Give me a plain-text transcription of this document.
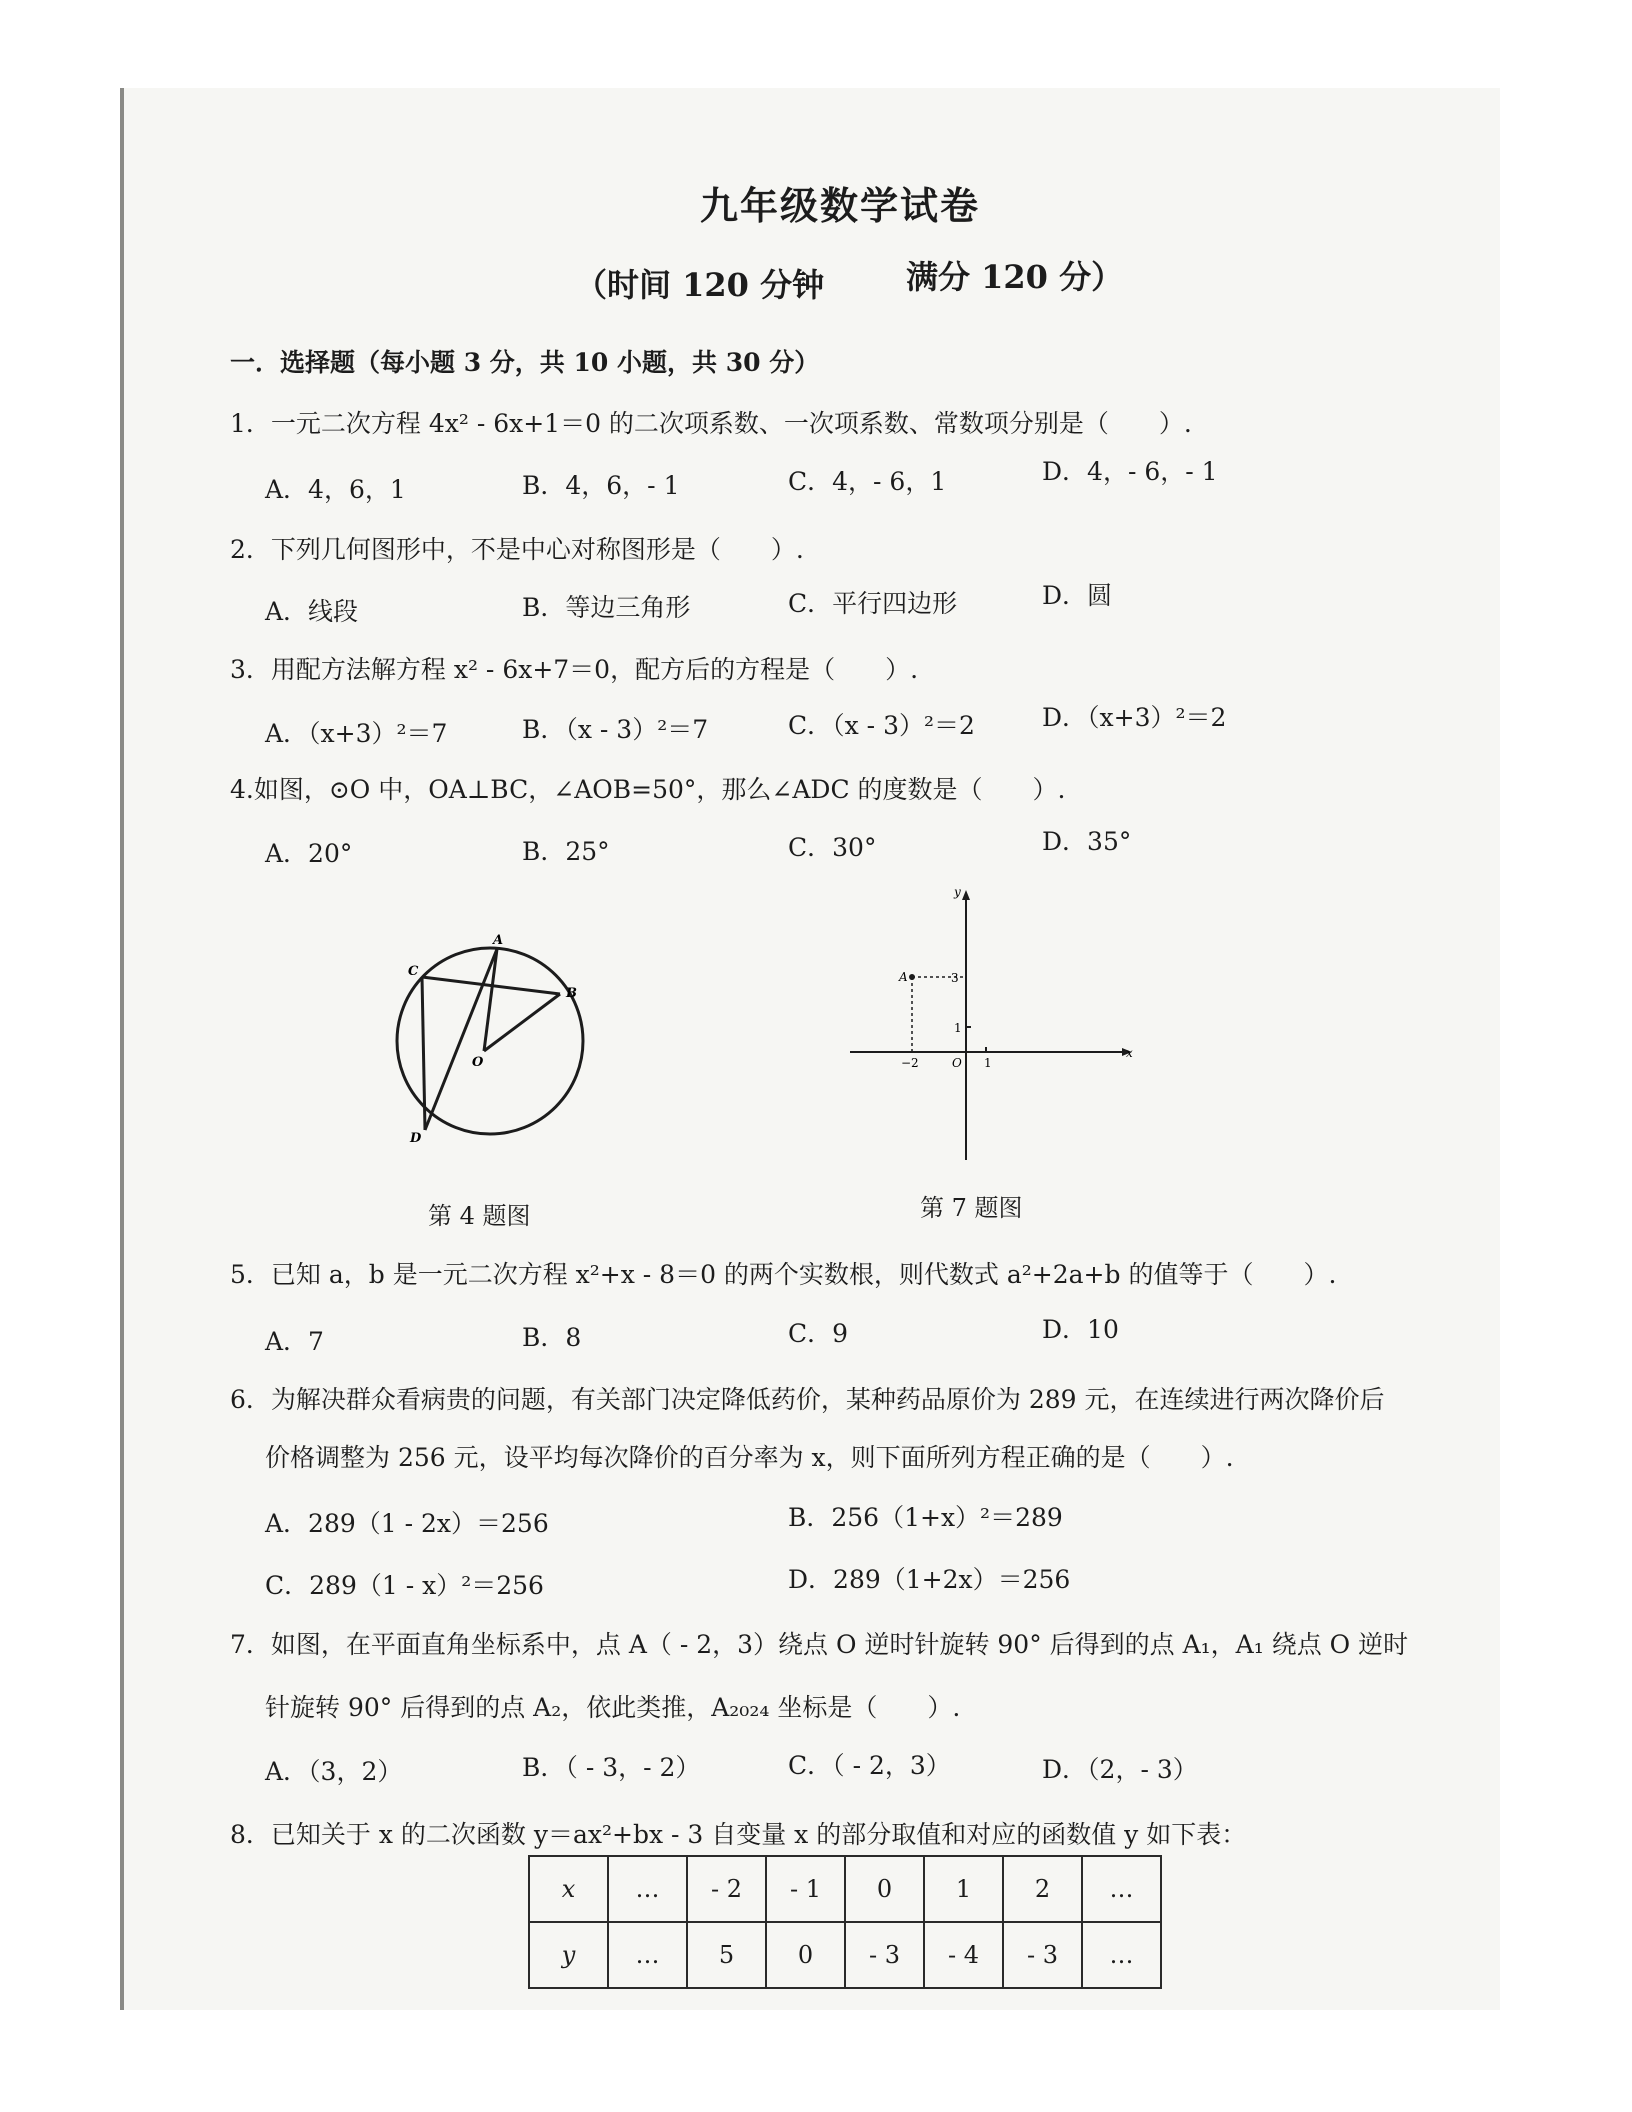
九年级数学试卷
（时间 120 分钟	满分 120 分）
一．选择题（每小题 3 分，共 10 小题，共 30 分）
1．一元二次方程 4x² - 6x+1＝0 的二次项系数、一次项系数、常数项分别是（　　）.
A．4，6，1	B．4，6，- 1	C．4，- 6，1	D．4，- 6，- 1
2．下列几何图形中，不是中心对称图形是（　　）.
A．线段	B．等边三角形	C．平行四边形	D．圆
3．用配方法解方程 x² - 6x+7＝0，配方后的方程是（　　）.
A．（x+3）²＝7	B．（x - 3）²＝7	C．（x - 3）²＝2	D．（x+3）²＝2
4.如图，⊙O 中，OA⊥BC，∠AOB=50°，那么∠ADC 的度数是（　　）.
A．20°	B．25°	C．30°	D．35°
A
B
C
D
O
第 4 题图
y
x
A	3
1
−2	O 1
第 7 题图
5．已知 a，b 是一元二次方程 x²+x - 8＝0 的两个实数根，则代数式 a²+2a+b 的值等于（　　）.
A．7	B．8	C．9	D．10
6．为解决群众看病贵的问题，有关部门决定降低药价，某种药品原价为 289 元，在连续进行两次降价后
价格调整为 256 元，设平均每次降价的百分率为 x，则下面所列方程正确的是（　　）.
A．289（1 - 2x）＝256	B．256（1+x）²＝289
C．289（1 - x）²＝256	D．289（1+2x）＝256
7．如图，在平面直角坐标系中，点 A（ - 2，3）绕点 O 逆时针旋转 90° 后得到的点 A₁，A₁ 绕点 O 逆时
针旋转 90° 后得到的点 A₂，依此类推，A₂₀₂₄ 坐标是（　　）.
A．（3，2）	B．（ - 3，- 2）	C．（ - 2，3）	D．（2，- 3）
8．已知关于 x 的二次函数 y＝ax²+bx - 3 自变量 x 的部分取值和对应的函数值 y 如下表：
x	…	- 2	- 1	0	1	2	…
y	…	5	0	- 3	- 4	- 3	…
